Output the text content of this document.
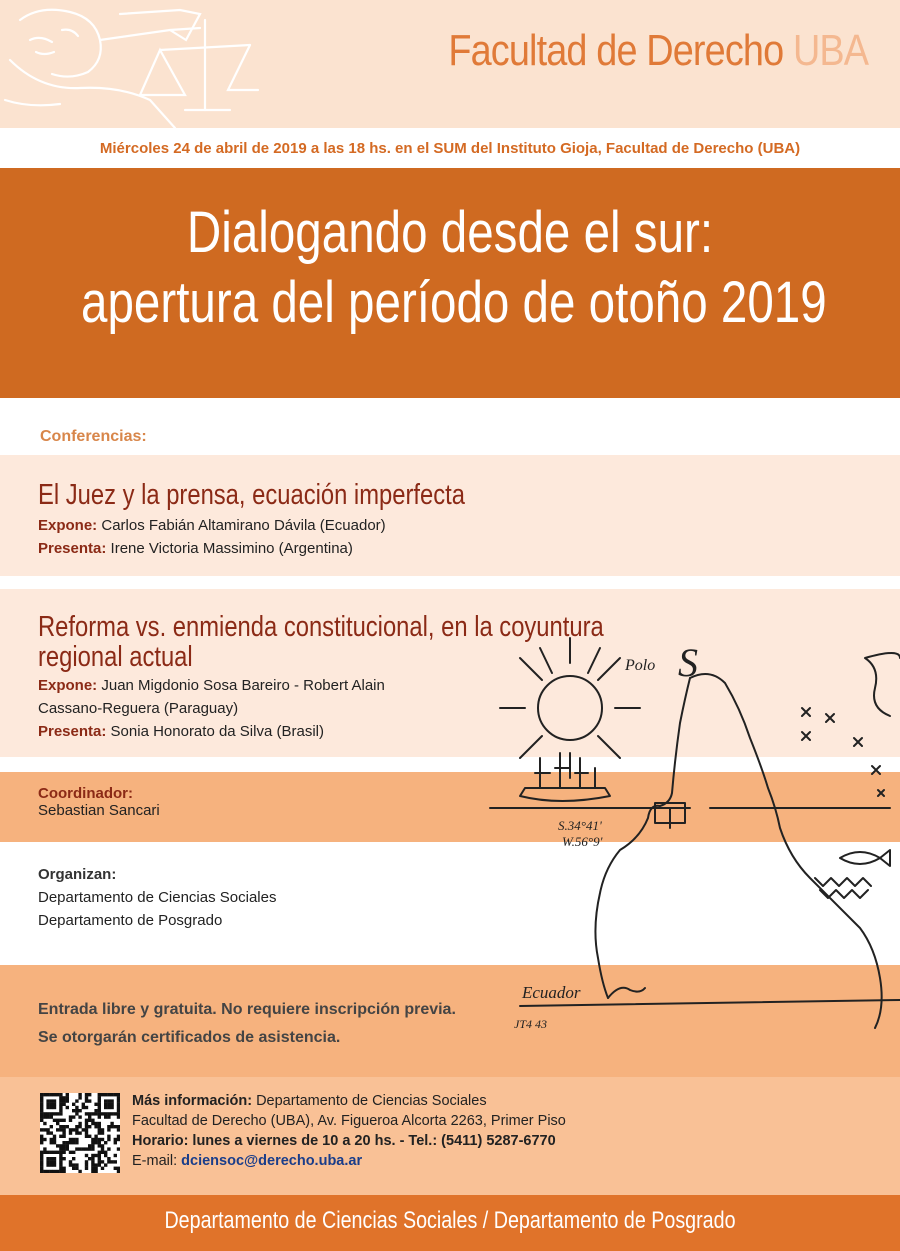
Facultad de Derecho UBA
Miércoles 24 de abril de 2019 a las 18 hs. en el SUM del Instituto Gioja, Facultad de Derecho (UBA)
Dialogando desde el sur:
apertura del período de otoño 2019
Conferencias:
El Juez y la prensa, ecuación imperfecta
Expone: Carlos Fabián Altamirano Dávila (Ecuador)
Presenta: Irene Victoria Massimino (Argentina)
Polo S
S.34°41'
W.56°9'
Ecuador
JT4 43
Reforma vs. enmienda constitucional, en la coyuntura
regional actual
Expone: Juan Migdonio Sosa Bareiro - Robert Alain
Cassano-Reguera (Paraguay)
Presenta: Sonia Honorato da Silva (Brasil)
Coordinador:
Sebastian Sancari
Organizan:
Departamento de Ciencias Sociales
Departamento de Posgrado
Entrada libre y gratuita. No requiere inscripción previa.
Se otorgarán certificados de asistencia.
Más información: Departamento de Ciencias Sociales
Facultad de Derecho (UBA), Av. Figueroa Alcorta 2263, Primer Piso
Horario: lunes a viernes de 10 a 20 hs. - Tel.: (5411) 5287-6770
E-mail: dciensoc@derecho.uba.ar
Departamento de Ciencias Sociales / Departamento de Posgrado
